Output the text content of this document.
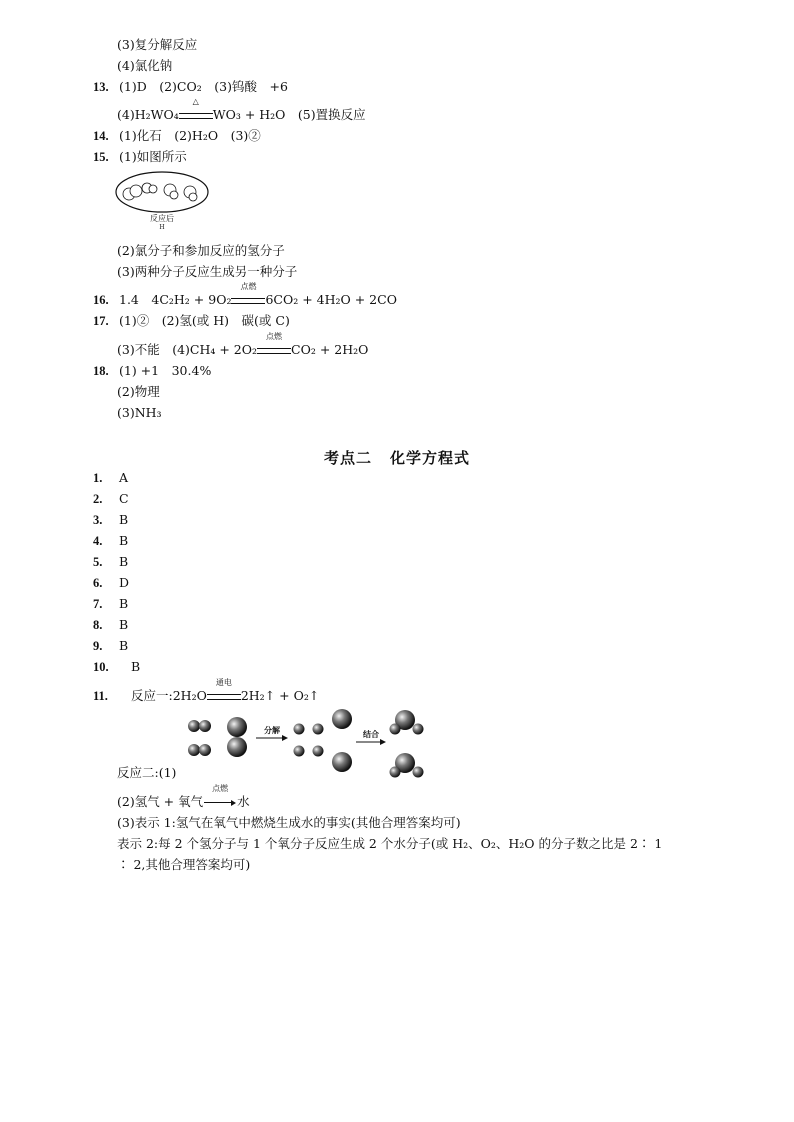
(3)复分解反应
(4)氯化钠
13. (1)D　(2)CO₂　(3)钨酸　+6
(4)H₂WO₄
△
WO₃ + H₂O　(5)置换反应
14. (1)化石　(2)H₂O　(3)②
15. (1)如图所示
反应后
H
(2)氯分子和参加反应的氢分子
(3)两种分子反应生成另一种分子
16. 1.4　4C₂H₂ + 9O₂
点燃
6CO₂ + 4H₂O + 2CO
17. (1)②　(2)氢(或 H)　碳(或 C)
(3)不能　(4)CH₄ + 2O₂
点燃
CO₂ + 2H₂O
18. (1) +1　30.4%
(2)物理
(3)NH₃
考点二 化学方程式
1. A
2. C
3. B
4. B
5. B
6. D
7. B
8. B
9. B
10. B
11. 反应一:2H₂O
通电
2H₂↑ + O₂↑
分解	结合
反应二:(1)
(2)氢气 + 氧气
点燃
水
(3)表示 1:氢气在氧气中燃烧生成水的事实(其他合理答案均可)
表示 2:每 2 个氢分子与 1 个氧分子反应生成 2 个水分子(或 H₂、O₂、H₂O 的分子数之比是 2∶ 1
∶ 2,其他合理答案均可)
